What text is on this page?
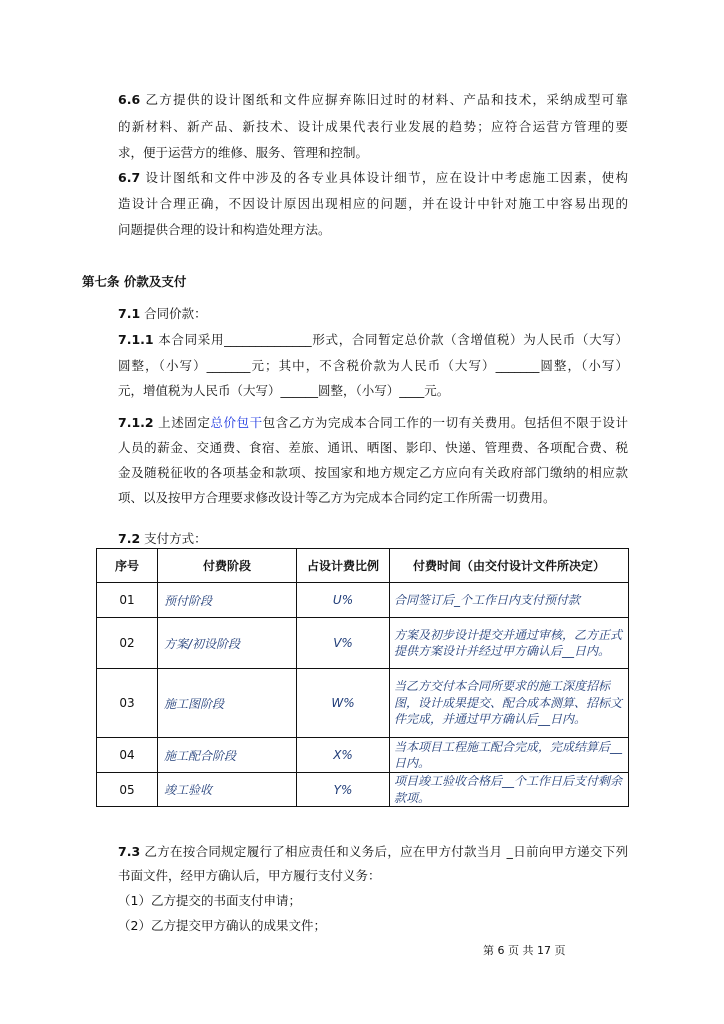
6.6 乙方提供的设计图纸和文件应摒弃陈旧过时的材料、产品和技术，采纳成型可靠
的新材料、新产品、新技术、设计成果代表行业发展的趋势；应符合运营方管理的要
求，便于运营方的维修、服务、管理和控制。
6.7 设计图纸和文件中涉及的各专业具体设计细节，应在设计中考虑施工因素，使构
造设计合理正确，不因设计原因出现相应的问题，并在设计中针对施工中容易出现的
问题提供合理的设计和构造处理方法。
第七条 价款及支付
7.1 合同价款：
7.1.1 本合同采用______________形式，合同暂定总价款（含增值税）为人民币（大写）
圆整，（小写）_______元；其中，不含税价款为人民币（大写）_______圆整，（小写）
元，增值税为人民币（大写）______圆整，（小写）____元。
7.1.2 上述固定总价包干包含乙方为完成本合同工作的一切有关费用。包括但不限于设计
人员的薪金、交通费、食宿、差旅、通讯、晒图、影印、快递、管理费、各项配合费、税
金及随税征收的各项基金和款项、按国家和地方规定乙方应向有关政府部门缴纳的相应款
项、以及按甲方合理要求修改设计等乙方为完成本合同约定工作所需一切费用。
7.2 支付方式：
序号	付费阶段	占设计费比例	付费时间（由交付设计文件所决定）
01	预付阶段	U%	合同签订后_个工作日内支付预付款
02	方案/初设阶段	V%	方案及初步设计提交并通过审核，乙方正式提供方案设计并经过甲方确认后__日内。
03	施工图阶段	W%	当乙方交付本合同所要求的施工深度招标图，设计成果提交、配合成本测算、招标文件完成，并通过甲方确认后__日内。
04	施工配合阶段	X%	当本项目工程施工配合完成，完成结算后__日内。
05	竣工验收	Y%	项目竣工验收合格后__个工作日后支付剩余款项。
7.3 乙方在按合同规定履行了相应责任和义务后，应在甲方付款当月 _日前向甲方递交下列
书面文件，经甲方确认后，甲方履行支付义务：
（1）乙方提交的书面支付申请；
（2）乙方提交甲方确认的成果文件；
第 6 页 共 17 页
